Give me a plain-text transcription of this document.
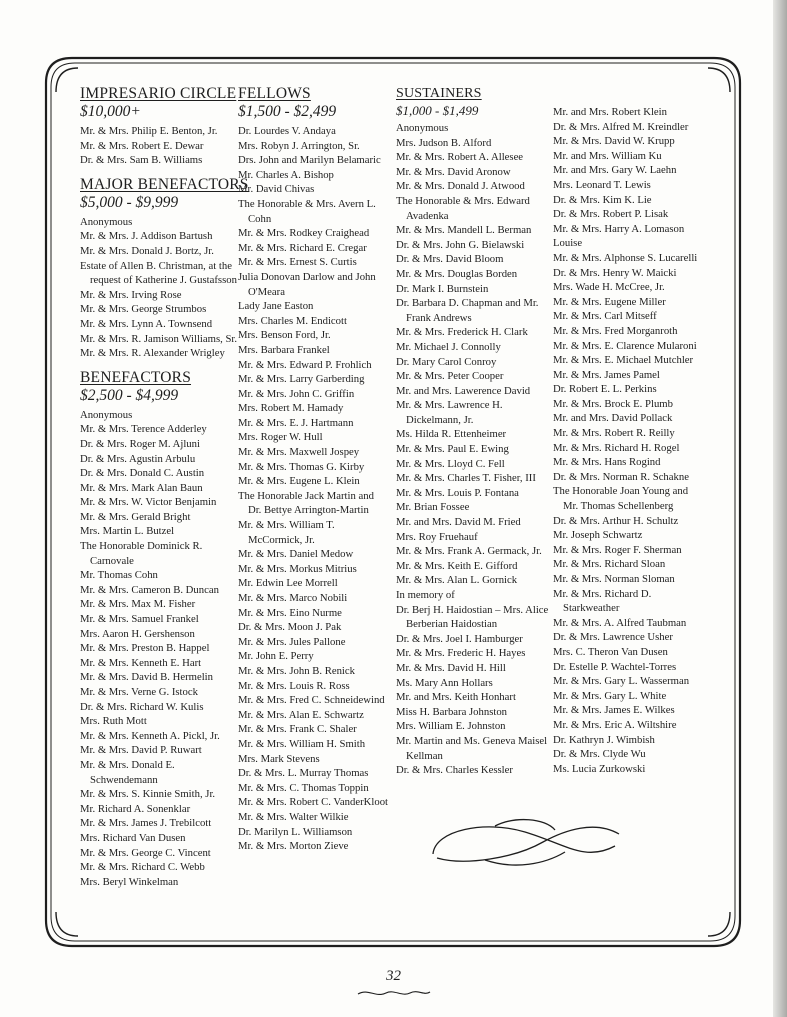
IMPRESARIO CIRCLE
$10,000+
Mr. & Mrs. Philip E. Benton, Jr.
Mr. & Mrs. Robert E. Dewar
Dr. & Mrs. Sam B. Williams
MAJOR BENEFACTORS
$5,000 - $9,999
Anonymous
Mr. & Mrs. J. Addison Bartush
Mr. & Mrs. Donald J. Bortz, Jr.
Estate of Allen B. Christman, at the request of Katherine J. Gustafsson
Mr. & Mrs. Irving Rose
Mr. & Mrs. George Strumbos
Mr. & Mrs. Lynn A. Townsend
Mr. & Mrs. R. Jamison Williams, Sr.
Mr. & Mrs. R. Alexander Wrigley
BENEFACTORS
$2,500 - $4,999
Anonymous
Mr. & Mrs. Terence Adderley
Dr. & Mrs. Roger M. Ajluni
Dr. & Mrs. Agustin Arbulu
Dr. & Mrs. Donald C. Austin
Mr. & Mrs. Mark Alan Baun
Mr. & Mrs. W. Victor Benjamin
Mr. & Mrs. Gerald Bright
Mrs. Martin L. Butzel
The Honorable Dominick R. Carnovale
Mr. Thomas Cohn
Mr. & Mrs. Cameron B. Duncan
Mr. & Mrs. Max M. Fisher
Mr. & Mrs. Samuel Frankel
Mrs. Aaron H. Gershenson
Mr. & Mrs. Preston B. Happel
Mr. & Mrs. Kenneth E. Hart
Mr. & Mrs. David B. Hermelin
Mr. & Mrs. Verne G. Istock
Dr. & Mrs. Richard W. Kulis
Mrs. Ruth Mott
Mr. & Mrs. Kenneth A. Pickl, Jr.
Mr. & Mrs. David P. Ruwart
Mr. & Mrs. Donald E. Schwendemann
Mr. & Mrs. S. Kinnie Smith, Jr.
Mr. Richard A. Sonenklar
Mr. & Mrs. James J. Trebilcott
Mrs. Richard Van Dusen
Mr. & Mrs. George C. Vincent
Mr. & Mrs. Richard C. Webb
Mrs. Beryl Winkelman
FELLOWS
$1,500 - $2,499
Dr. Lourdes V. Andaya
Mrs. Robyn J. Arrington, Sr.
Drs. John and Marilyn Belamaric
Mr. Charles A. Bishop
Mr. David Chivas
The Honorable & Mrs. Avern L. Cohn
Mr. & Mrs. Rodkey Craighead
Mr. & Mrs. Richard E. Cregar
Mr. & Mrs. Ernest S. Curtis
Julia Donovan Darlow and John O'Meara
Lady Jane Easton
Mrs. Charles M. Endicott
Mrs. Benson Ford, Jr.
Mrs. Barbara Frankel
Mr. & Mrs. Edward P. Frohlich
Mr. & Mrs. Larry Garberding
Mr. & Mrs. John C. Griffin
Mrs. Robert M. Hamady
Mr. & Mrs. E. J. Hartmann
Mrs. Roger W. Hull
Mr. & Mrs. Maxwell Jospey
Mr. & Mrs. Thomas G. Kirby
Mr. & Mrs. Eugene L. Klein
The Honorable Jack Martin and Dr. Bettye Arrington-Martin
Mr. & Mrs. William T. McCormick, Jr.
Mr. & Mrs. Daniel Medow
Mr. & Mrs. Morkus Mitrius
Mr. Edwin Lee Morrell
Mr. & Mrs. Marco Nobili
Mr. & Mrs. Eino Nurme
Dr. & Mrs. Moon J. Pak
Mr. & Mrs. Jules Pallone
Mr. John E. Perry
Mr. & Mrs. John B. Renick
Mr. & Mrs. Louis R. Ross
Mr. & Mrs. Fred C. Schneidewind
Mr. & Mrs. Alan E. Schwartz
Mr. & Mrs. Frank C. Shaler
Mr. & Mrs. William H. Smith
Mrs. Mark Stevens
Dr. & Mrs. L. Murray Thomas
Mr. & Mrs. C. Thomas Toppin
Mr. & Mrs. Robert C. VanderKloot
Mr. & Mrs. Walter Wilkie
Dr. Marilyn L. Williamson
Mr. & Mrs. Morton Zieve
SUSTAINERS
$1,000 - $1,499
Anonymous
Mrs. Judson B. Alford
Mr. & Mrs. Robert A. Allesee
Mr. & Mrs. David Aronow
Mr. & Mrs. Donald J. Atwood
The Honorable & Mrs. Edward Avadenka
Mr. & Mrs. Mandell L. Berman
Dr. & Mrs. John G. Bielawski
Dr. & Mrs. David Bloom
Mr. & Mrs. Douglas Borden
Dr. Mark I. Burnstein
Dr. Barbara D. Chapman and Mr. Frank Andrews
Mr. & Mrs. Frederick H. Clark
Mr. Michael J. Connolly
Dr. Mary Carol Conroy
Mr. & Mrs. Peter Cooper
Mr. and Mrs. Lawerence David
Mr. & Mrs. Lawrence H. Dickelmann, Jr.
Ms. Hilda R. Ettenheimer
Mr. & Mrs. Paul E. Ewing
Mr. & Mrs. Lloyd C. Fell
Mr. & Mrs. Charles T. Fisher, III
Mr. & Mrs. Louis P. Fontana
Mr. Brian Fossee
Mr. and Mrs. David M. Fried
Mrs. Roy Fruehauf
Mr. & Mrs. Frank A. Germack, Jr.
Mr. & Mrs. Keith E. Gifford
Mr. & Mrs. Alan L. Gornick
In memory of
Dr. Berj H. Haidostian – Mrs. Alice Berberian Haidostian
Dr. & Mrs. Joel I. Hamburger
Mr. & Mrs. Frederic H. Hayes
Mr. & Mrs. David H. Hill
Ms. Mary Ann Hollars
Mr. and Mrs. Keith Honhart
Miss H. Barbara Johnston
Mrs. William E. Johnston
Mr. Martin and Ms. Geneva Maisel Kellman
Dr. & Mrs. Charles Kessler
Mr. and Mrs. Robert Klein
Dr. & Mrs. Alfred M. Kreindler
Mr. & Mrs. David W. Krupp
Mr. and Mrs. William Ku
Mr. and Mrs. Gary W. Laehn
Mrs. Leonard T. Lewis
Dr. & Mrs. Kim K. Lie
Dr. & Mrs. Robert P. Lisak
Mr. & Mrs. Harry A. Lomason
Louise
Mr. & Mrs. Alphonse S. Lucarelli
Dr. & Mrs. Henry W. Maicki
Mrs. Wade H. McCree, Jr.
Mr. & Mrs. Eugene Miller
Mr. & Mrs. Carl Mitseff
Mr. & Mrs. Fred Morganroth
Mr. & Mrs. E. Clarence Mularoni
Mr. & Mrs. E. Michael Mutchler
Mr. & Mrs. James Pamel
Dr. Robert E. L. Perkins
Mr. & Mrs. Brock E. Plumb
Mr. and Mrs. David Pollack
Mr. & Mrs. Robert R. Reilly
Mr. & Mrs. Richard H. Rogel
Mr. & Mrs. Hans Rogind
Dr. & Mrs. Norman R. Schakne
The Honorable Joan Young and Mr. Thomas Schellenberg
Dr. & Mrs. Arthur H. Schultz
Mr. Joseph Schwartz
Mr. & Mrs. Roger F. Sherman
Mr. & Mrs. Richard Sloan
Mr. & Mrs. Norman Sloman
Mr. & Mrs. Richard D. Starkweather
Mr. & Mrs. A. Alfred Taubman
Dr. & Mrs. Lawrence Usher
Mrs. C. Theron Van Dusen
Dr. Estelle P. Wachtel-Torres
Mr. & Mrs. Gary L. Wasserman
Mr. & Mrs. Gary L. White
Mr. & Mrs. James E. Wilkes
Mr. & Mrs. Eric A. Wiltshire
Dr. Kathryn J. Wimbish
Dr. & Mrs. Clyde Wu
Ms. Lucia Zurkowski
32
